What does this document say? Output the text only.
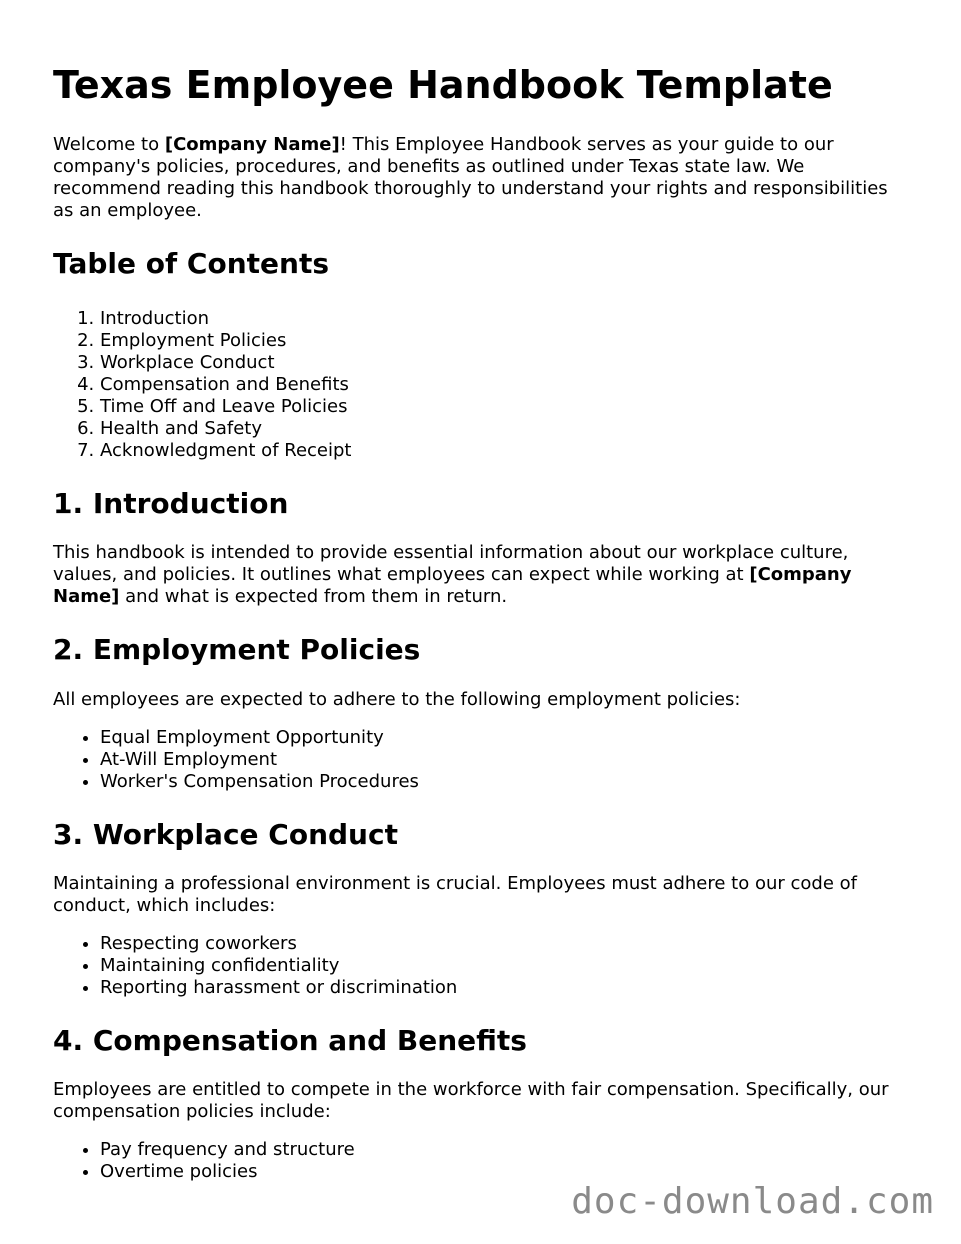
Texas Employee Handbook Template

Welcome to [Company Name]! This Employee Handbook serves as your guide to our company's policies, procedures, and benefits as outlined under Texas state law. We recommend reading this handbook thoroughly to understand your rights and responsibilities as an employee.

Table of Contents
1. Introduction
2. Employment Policies
3. Workplace Conduct
4. Compensation and Benefits
5. Time Off and Leave Policies
6. Health and Safety
7. Acknowledgment of Receipt
1. Introduction

This handbook is intended to provide essential information about our workplace culture, values, and policies. It outlines what employees can expect while working at [Company Name] and what is expected from them in return.

2. Employment Policies

All employees are expected to adhere to the following employment policies:

• Equal Employment Opportunity
• At-Will Employment
• Worker's Compensation Procedures
3. Workplace Conduct

Maintaining a professional environment is crucial. Employees must adhere to our code of conduct, which includes:

• Respecting coworkers
• Maintaining confidentiality
• Reporting harassment or discrimination
4. Compensation and Benefits

Employees are entitled to compete in the workforce with fair compensation. Specifically, our compensation policies include:

• Pay frequency and structure
• Overtime policies
doc-download.com
